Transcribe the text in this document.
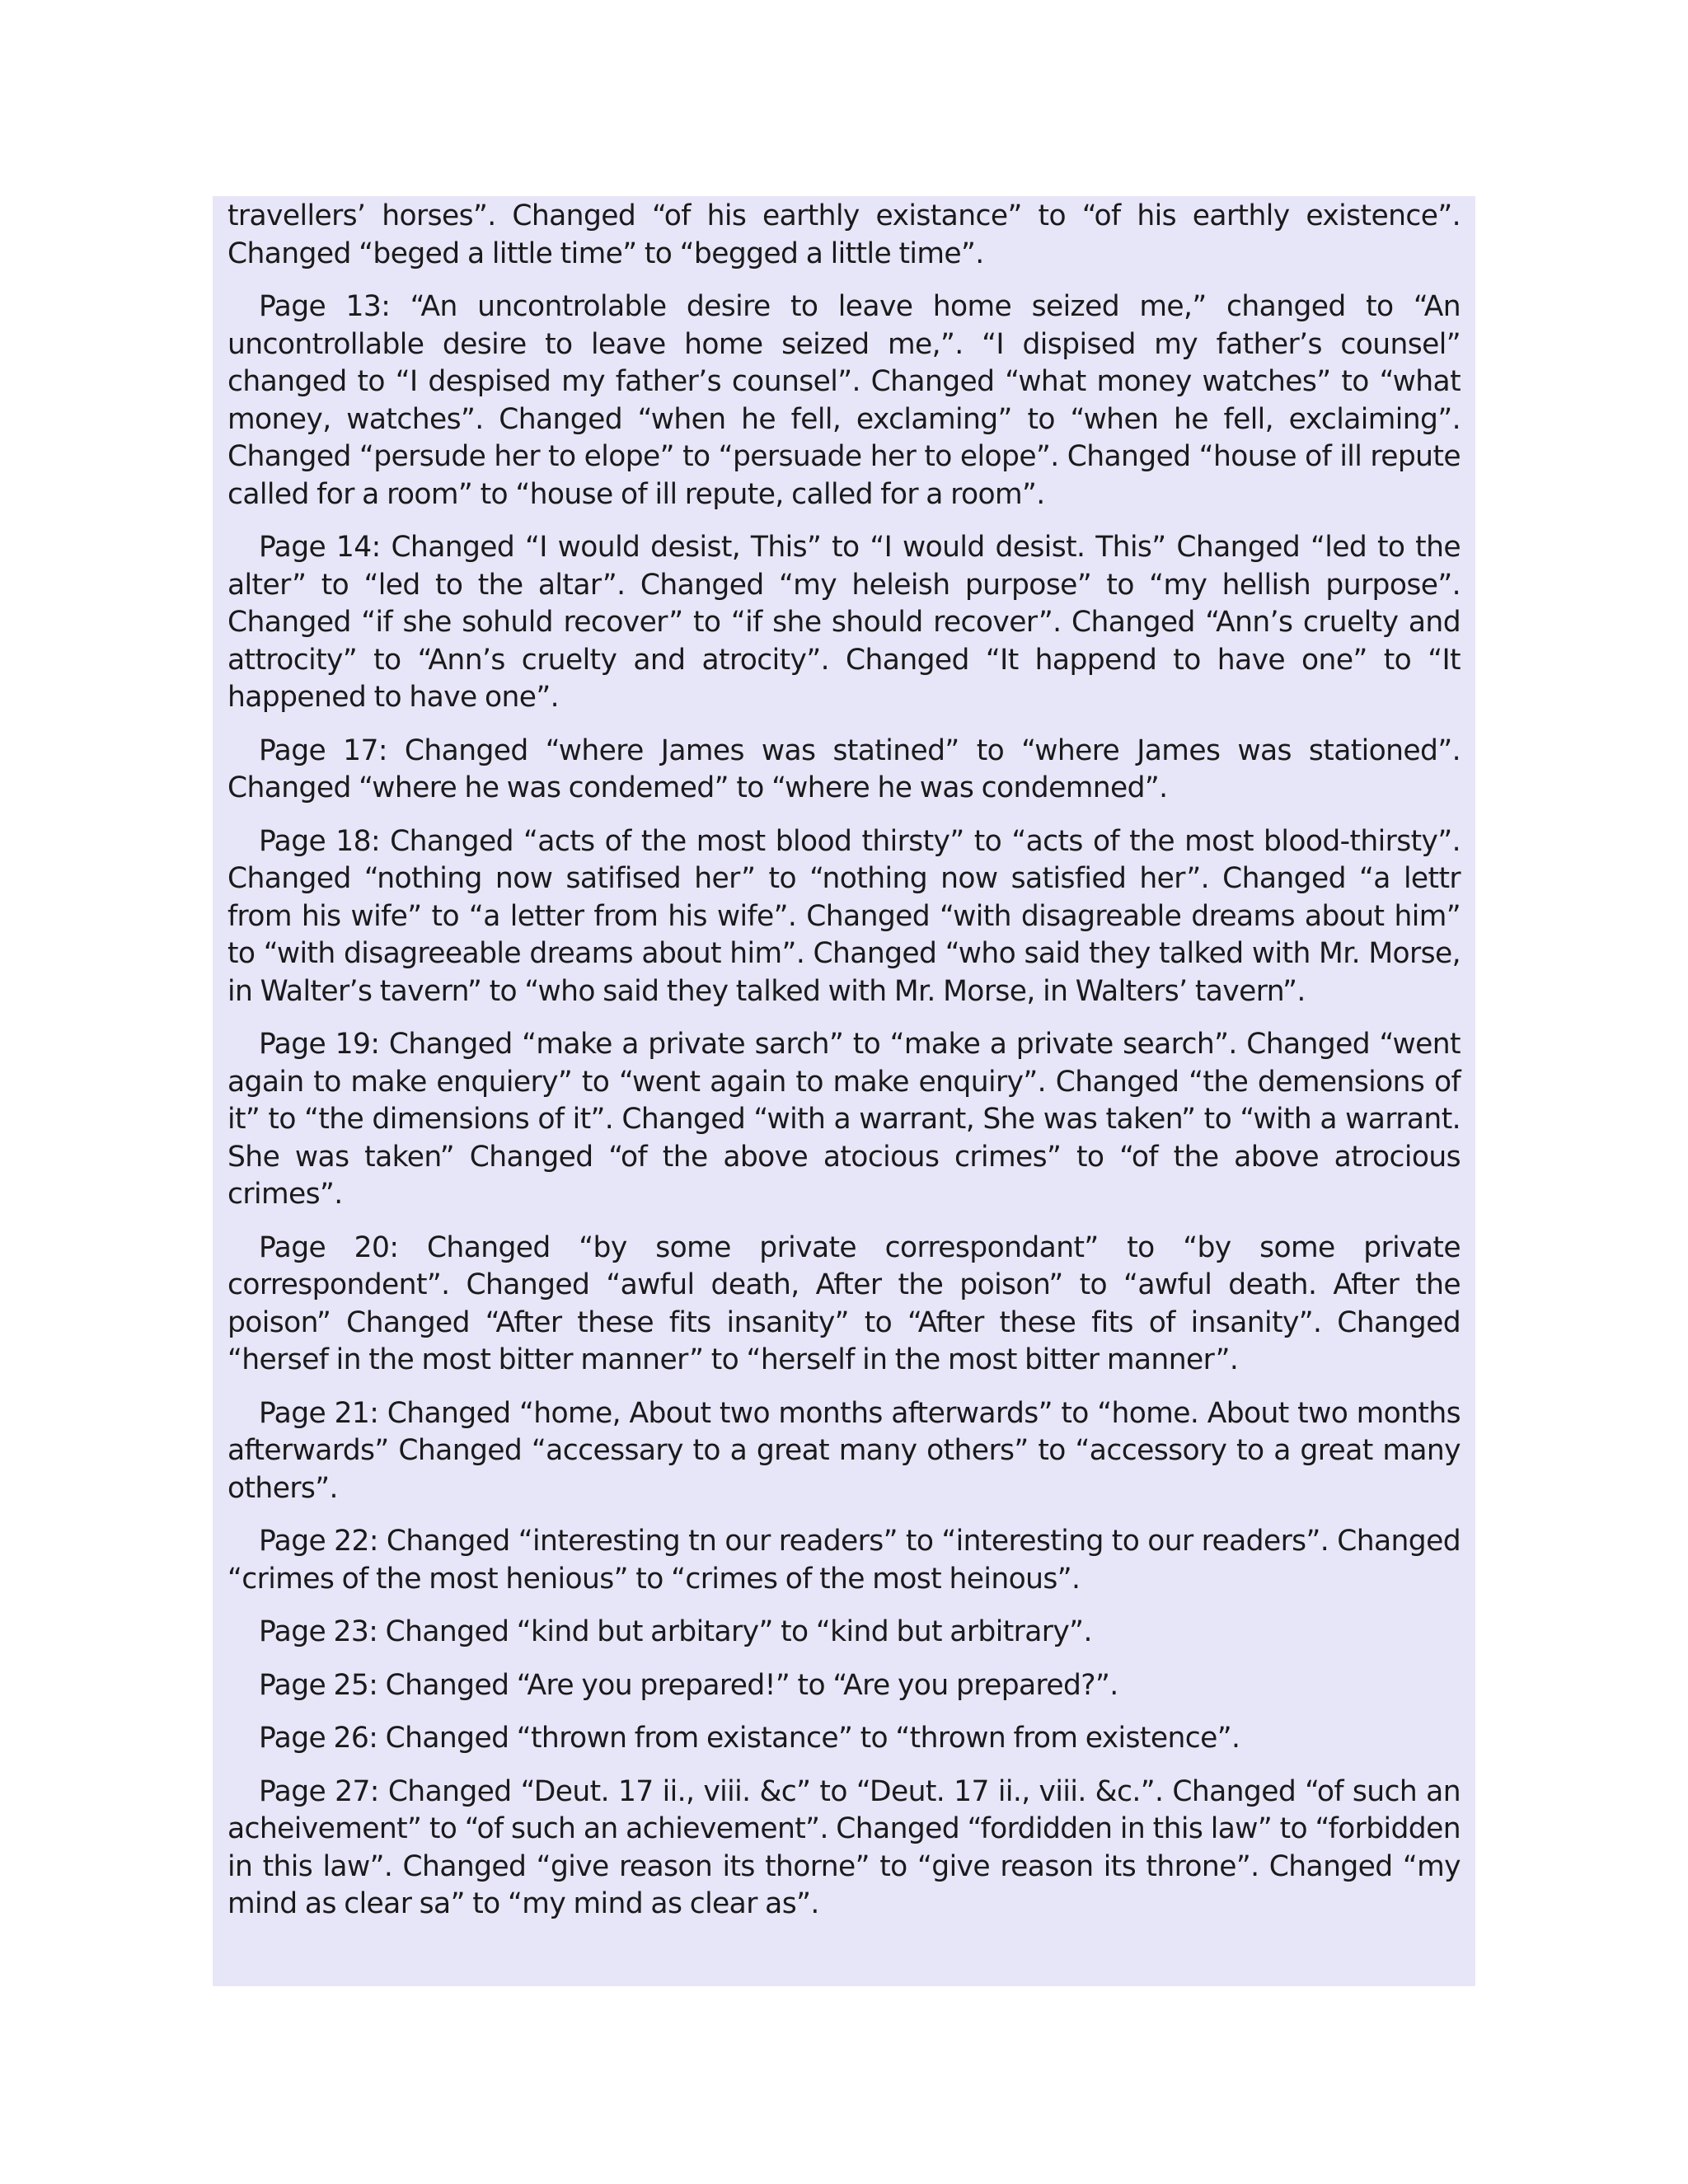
travellers’ horses”. Changed “of his earthly existance” to “of his earthly existence”. Changed “beged a little time” to “begged a little time”.

Page 13: “An uncontrolable desire to leave home seized me,” changed to “An uncontrollable desire to leave home seized me,”. “I dispised my father’s counsel” changed to “I despised my father’s counsel”. Changed “what money watches” to “what money, watches”. Changed “when he fell, exclaming” to “when he fell, exclaiming”. Changed “persude her to elope” to “persuade her to elope”. Changed “house of ill repute called for a room” to “house of ill repute, called for a room”.

Page 14: Changed “I would desist, This” to “I would desist. This” Changed “led to the alter” to “led to the altar”. Changed “my heleish purpose” to “my hellish purpose”. Changed “if she sohuld recover” to “if she should recover”. Changed “Ann’s cruelty and attrocity” to “Ann’s cruelty and atrocity”. Changed “It happend to have one” to “It happened to have one”.

Page 17: Changed “where James was statined” to “where James was stationed”. Changed “where he was condemed” to “where he was condemned”.

Page 18: Changed “acts of the most blood thirsty” to “acts of the most blood-thirsty”. Changed “nothing now satifised her” to “nothing now satisfied her”. Changed “a lettr from his wife” to “a letter from his wife”. Changed “with disagreable dreams about him” to “with disagreeable dreams about him”. Changed “who said they talked with Mr. Morse, in Walter’s tavern” to “who said they talked with Mr. Morse, in Walters’ tavern”.

Page 19: Changed “make a private sarch” to “make a private search”. Changed “went again to make enquiery” to “went again to make enquiry”. Changed “the demensions of it” to “the dimensions of it”. Changed “with a warrant, She was taken” to “with a warrant. She was taken” Changed “of the above atocious crimes” to “of the above atrocious crimes”.

Page 20: Changed “by some private correspondant” to “by some private correspondent”. Changed “awful death, After the poison” to “awful death. After the poison” Changed “After these fits insanity” to “After these fits of insanity”. Changed “hersef in the most bitter manner” to “herself in the most bitter manner”.

Page 21: Changed “home, About two months afterwards” to “home. About two months afterwards” Changed “accessary to a great many others” to “accessory to a great many others”.

Page 22: Changed “interesting tn our readers” to “interesting to our readers”. Changed “crimes of the most henious” to “crimes of the most heinous”.

Page 23: Changed “kind but arbitary” to “kind but arbitrary”.

Page 25: Changed “Are you prepared!” to “Are you prepared?”.

Page 26: Changed “thrown from existance” to “thrown from existence”.

Page 27: Changed “Deut. 17 ii., viii. &c” to “Deut. 17 ii., viii. &c.”. Changed “of such an acheivement” to “of such an achievement”. Changed “fordidden in this law” to “forbidden in this law”. Changed “give reason its thorne” to “give reason its throne”. Changed “my mind as clear sa” to “my mind as clear as”.
